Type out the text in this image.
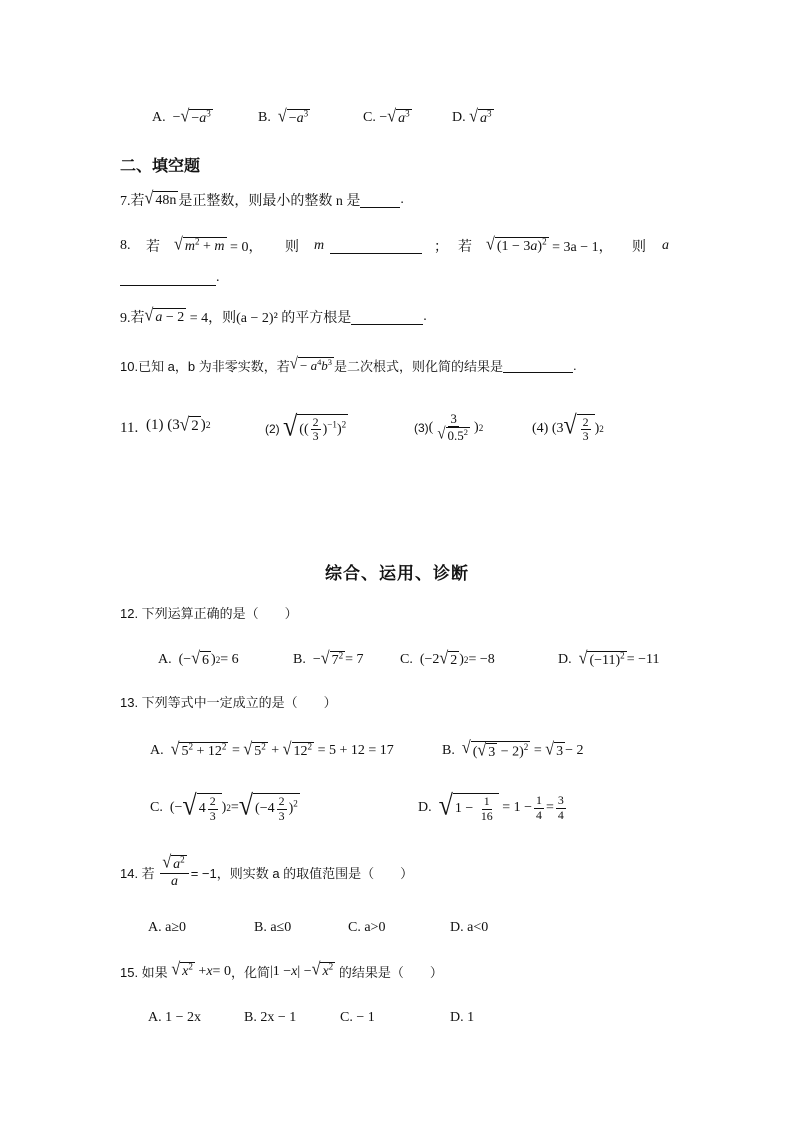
A. − √ $-a^3$	B.
√ $-a^3$	C. − √ $a^3$	D.
√ $a^3$
二、填空题
7.若 √ 48n 是正整数，则最小的整数 n 是	.
8. 若 √ $m^2 + m$
= 0， 则 m	； 若 √ $(1 - 3a)^2$
= 3a − 1， 则 a
.
9.若 √ a − 2
= 4，则(a − 2)² 的平方根是	.
10.已知 a，b 为非零实数，若 √ − $a^4b^3$ 是二次根式，则化简的结果是	.
11. (1) (3 √ 2 ) 2	(2)
√ (( $\frac{2}{3} )^{-1})^2$	(3) ( $\frac{3}{√ 0.5^2}$ ) 2	(4) (3 √ $\frac{2}{3}$ ) 2
综合、运用、诊断
12. 下列运算正确的是（　　）
A. (− √ 6 ) 2 = 6	B. − √ $7^2 = 7$	C. (−2 √ 2 ) 2 = −8	D.
√ $(-11)^2 = -11$
13. 下列等式中一定成立的是（　　）
A.
√ $5^2 + 12^2$ = √ $5^2$ + √ $12^2 = 5 + 12 = 17$	B.
√ ( √ 3 − 2)$^2$ = √ 3 − 2
C. (− √ $4 \frac{2}{3}$ ) 2 = √ $(-4 \frac{2}{3} )^2$	D.
√ $1 - \frac{1}{16} = 1 - \frac{1}{4} = \frac{3}{4}$
14. 若
$\frac{√ a^2}{a} = -1$，则实数 a 的取值范围是（　　）
A. a≥0	B. a≤0	C. a>0	D. a<0
15. 如果
√ $x^2 + x = 0$ ，化简 |1 − x | − √ $x^2$
的结果是（　　）
A. 1 − 2x	B. 2x − 1	C. − 1	D. 1
